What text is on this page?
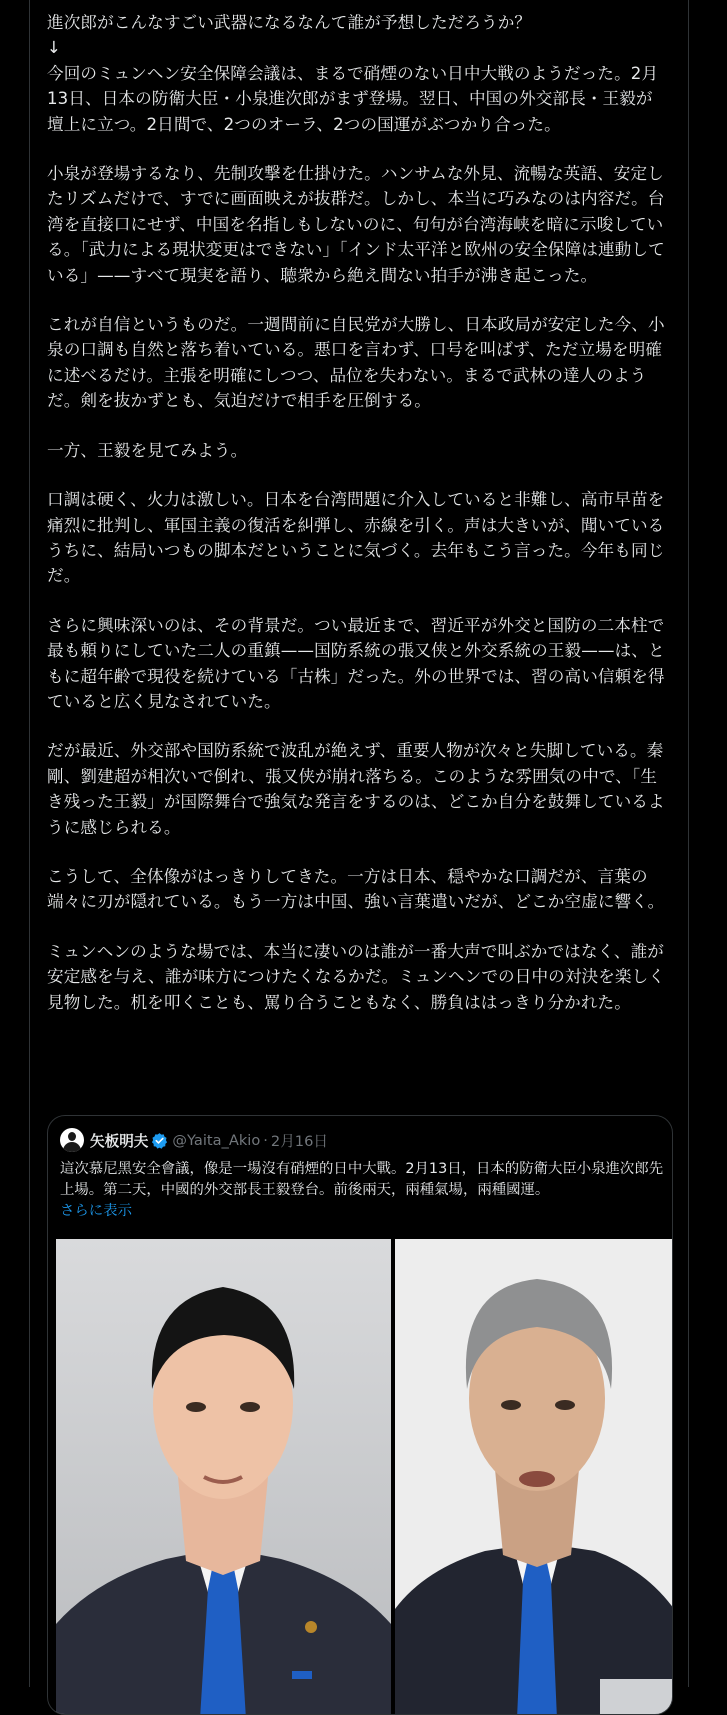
進次郎がこんなすごい武器になるなんて誰が予想しただろうか？
↓

今回のミュンヘン安全保障会議は、まるで硝煙のない日中大戦のようだった。2月13日、日本の防衛大臣・小泉進次郎がまず登場。翌日、中国の外交部長・王毅が壇上に立つ。2日間で、2つのオーラ、2つの国運がぶつかり合った。

小泉が登場するなり、先制攻撃を仕掛けた。ハンサムな外見、流暢な英語、安定したリズムだけで、すでに画面映えが抜群だ。しかし、本当に巧みなのは内容だ。台湾を直接口にせず、中国を名指しもしないのに、句句が台湾海峡を暗に示唆している。「武力による現状変更はできない」「インド太平洋と欧州の安全保障は連動している」——すべて現実を語り、聴衆から絶え間ない拍手が沸き起こった。

これが自信というものだ。一週間前に自民党が大勝し、日本政局が安定した今、小泉の口調も自然と落ち着いている。悪口を言わず、口号を叫ばず、ただ立場を明確に述べるだけ。主張を明確にしつつ、品位を失わない。まるで武林の達人のようだ。剣を抜かずとも、気迫だけで相手を圧倒する。

一方、王毅を見てみよう。

口調は硬く、火力は激しい。日本を台湾問題に介入していると非難し、高市早苗を痛烈に批判し、軍国主義の復活を糾弾し、赤線を引く。声は大きいが、聞いているうちに、結局いつもの脚本だということに気づく。去年もこう言った。今年も同じだ。

さらに興味深いのは、その背景だ。つい最近まで、習近平が外交と国防の二本柱で最も頼りにしていた二人の重鎮——国防系統の張又侠と外交系統の王毅——は、ともに超年齢で現役を続けている「古株」だった。外の世界では、習の高い信頼を得ていると広く見なされていた。

だが最近、外交部や国防系統で波乱が絶えず、重要人物が次々と失脚している。秦剛、劉建超が相次いで倒れ、張又侠が崩れ落ちる。このような雰囲気の中で、「生き残った王毅」が国際舞台で強気な発言をするのは、どこか自分を鼓舞しているように感じられる。

こうして、全体像がはっきりしてきた。一方は日本、穏やかな口調だが、言葉の端々に刃が隠れている。もう一方は中国、強い言葉遣いだが、どこか空虚に響く。

ミュンヘンのような場では、本当に凄いのは誰が一番大声で叫ぶかではなく、誰が安定感を与え、誰が味方につけたくなるかだ。ミュンヘンでの日中の対決を楽しく見物した。机を叩くことも、罵り合うこともなく、勝負ははっきり分かれた。

矢板明夫 @Yaita_Akio · 2月16日
這次慕尼黑安全會議，像是一場沒有硝煙的日中大戰。2月13日，日本的防衛大臣小泉進次郎先上場。第二天，中國的外交部長王毅登台。前後兩天，兩種氣場，兩種國運。
さらに表示
